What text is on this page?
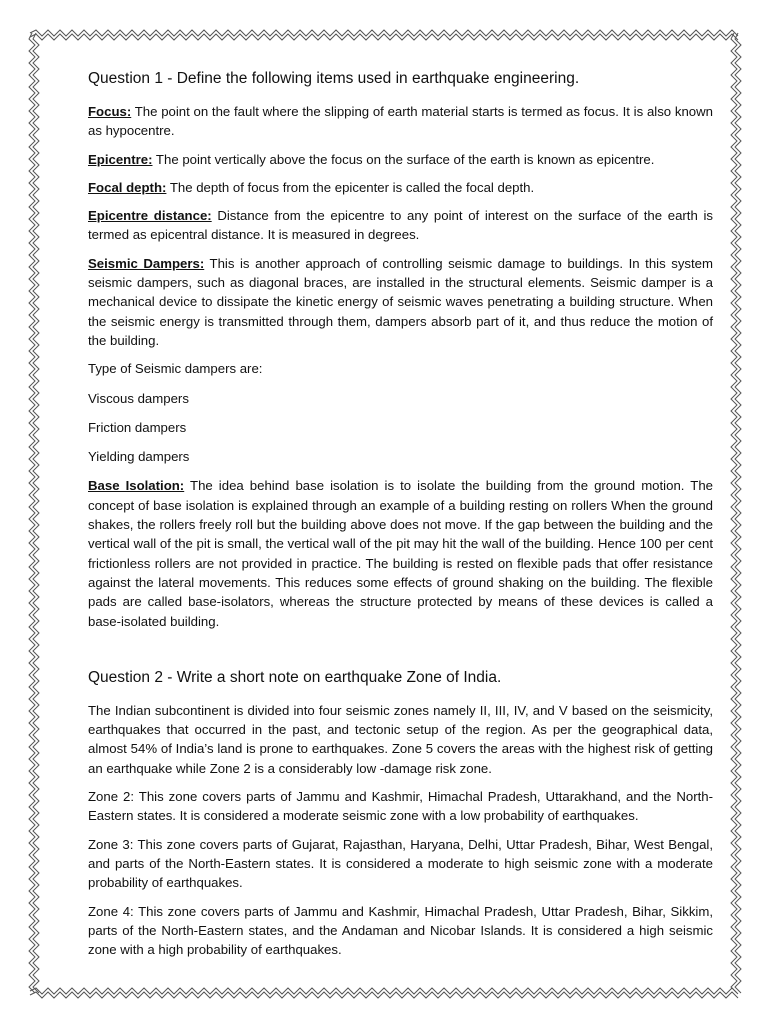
Question 1 - Define the following items used in earthquake engineering.

Focus: The point on the fault where the slipping of earth material starts is termed as focus. It is also known as hypocentre.

Epicentre: The point vertically above the focus on the surface of the earth is known as epicentre.

Focal depth: The depth of focus from the epicenter is called the focal depth.

Epicentre distance: Distance from the epicentre to any point of interest on the surface of the earth is termed as epicentral distance. It is measured in degrees.

Seismic Dampers: This is another approach of controlling seismic damage to buildings. In this system seismic dampers, such as diagonal braces, are installed in the structural elements. Seismic damper is a mechanical device to dissipate the kinetic energy of seismic waves penetrating a building structure. When the seismic energy is transmitted through them, dampers absorb part of it, and thus reduce the motion of the building.

Type of Seismic dampers are:

Viscous dampers

Friction dampers

Yielding dampers

Base Isolation: The idea behind base isolation is to isolate the building from the ground motion. The concept of base isolation is explained through an example of a building resting on rollers When the ground shakes, the rollers freely roll but the building above does not move. If the gap between the building and the vertical wall of the pit is small, the vertical wall of the pit may hit the wall of the building. Hence 100 per cent frictionless rollers are not provided in practice. The building is rested on flexible pads that offer resistance against the lateral movements. This reduces some effects of ground shaking on the building. The flexible pads are called base-isolators, whereas the structure protected by means of these devices is called a base-isolated building.

Question 2 - Write a short note on earthquake Zone of India.

The Indian subcontinent is divided into four seismic zones namely II, III, IV, and V based on the seismicity, earthquakes that occurred in the past, and tectonic setup of the region. As per the geographical data, almost 54% of India’s land is prone to earthquakes. Zone 5 covers the areas with the highest risk of getting an earthquake while Zone 2 is a considerably low -damage risk zone.

Zone 2: This zone covers parts of Jammu and Kashmir, Himachal Pradesh, Uttarakhand, and the North-Eastern states. It is considered a moderate seismic zone with a low probability of earthquakes.

Zone 3: This zone covers parts of Gujarat, Rajasthan, Haryana, Delhi, Uttar Pradesh, Bihar, West Bengal, and parts of the North-Eastern states. It is considered a moderate to high seismic zone with a moderate probability of earthquakes.

Zone 4: This zone covers parts of Jammu and Kashmir, Himachal Pradesh, Uttar Pradesh, Bihar, Sikkim, parts of the North-Eastern states, and the Andaman and Nicobar Islands. It is considered a high seismic zone with a high probability of earthquakes.
